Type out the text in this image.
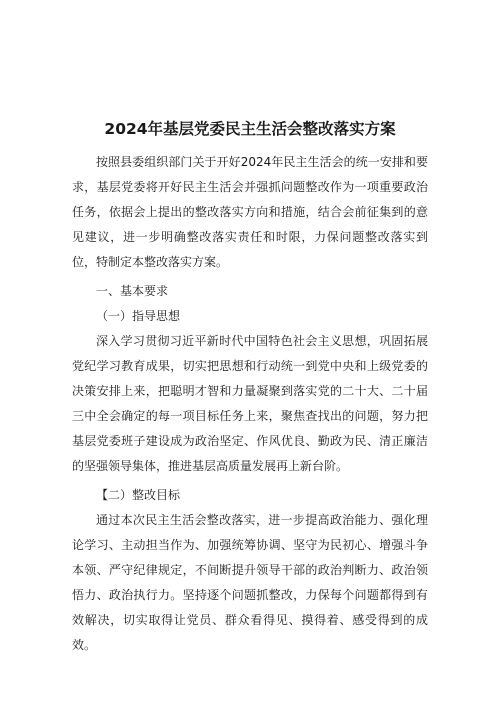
2024年基层党委民主生活会整改落实方案

按照县委组织部门关于开好2024年民主生活会的统一安排和要求，基层党委将开好民主生活会并强抓问题整改作为一项重要政治任务，依据会上提出的整改落实方向和措施，结合会前征集到的意见建议，进一步明确整改落实责任和时限，力保问题整改落实到位，特制定本整改落实方案。

一、基本要求

（一）指导思想

深入学习贯彻习近平新时代中国特色社会主义思想，巩固拓展党纪学习教育成果，切实把思想和行动统一到党中央和上级党委的决策安排上来，把聪明才智和力量凝聚到落实党的二十大、二十届三中全会确定的每一项目标任务上来，聚焦查找出的问题，努力把基层党委班子建设成为政治坚定、作风优良、勤政为民、清正廉洁的坚强领导集体，推进基层高质量发展再上新台阶。

【二）整改目标

通过本次民主生活会整改落实，进一步提高政治能力、强化理论学习、主动担当作为、加强统筹协调、坚守为民初心、增强斗争本领、严守纪律规定，不间断提升领导干部的政治判断力、政治领悟力、政治执行力。坚持逐个问题抓整改，力保每个问题都得到有效解决，切实取得让党员、群众看得见、摸得着、感受得到的成效。
